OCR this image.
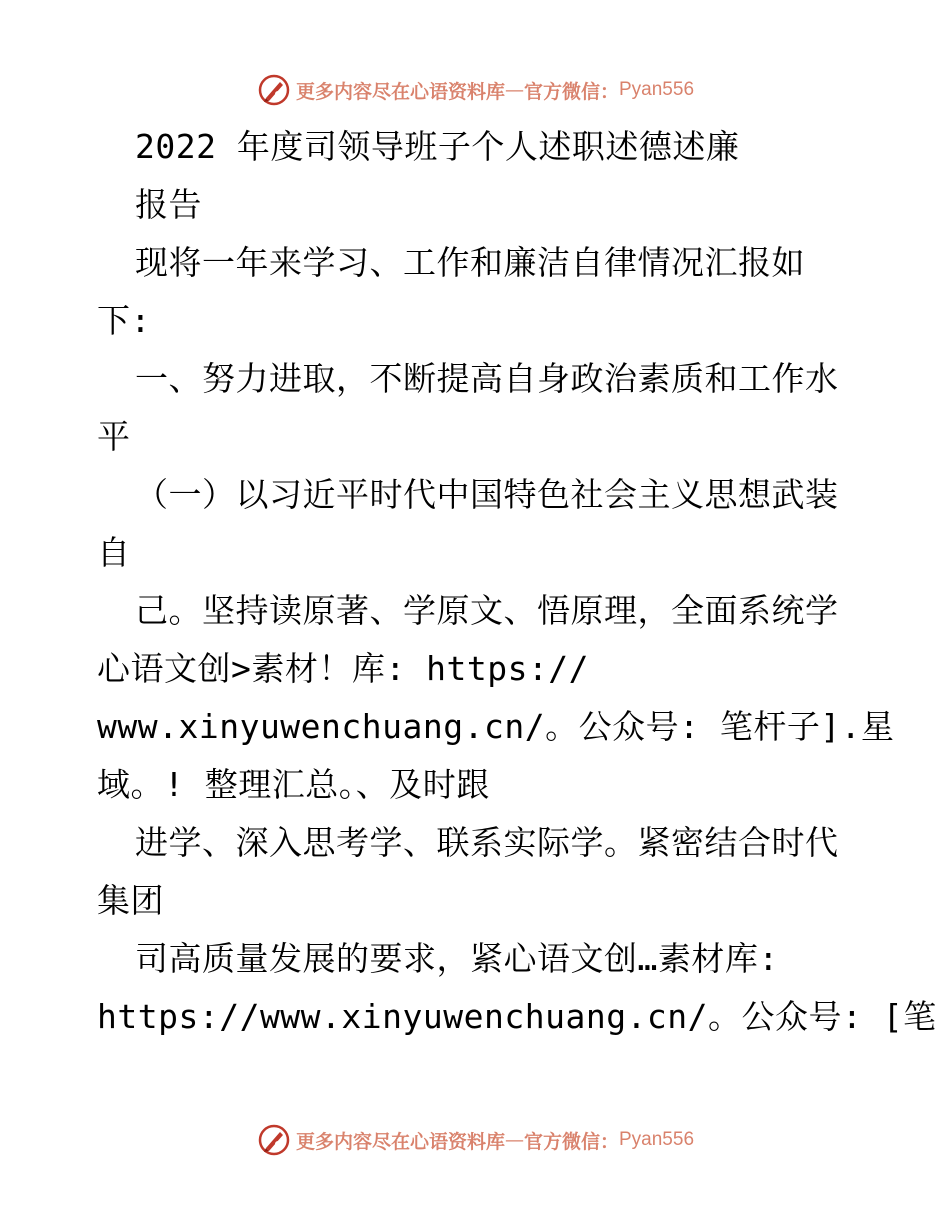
更多内容尽在心语资料库 — 官方微信： Pyan556
2022 年度司领导班子个人述职述德述廉
报告
现将一年来学习、工作和廉洁自律情况汇报如
下:
一、努力进取，不断提高自身政治素质和工作水
平
（一）以习近平时代中国特色社会主义思想武装
自
己。坚持读原著、学原文、悟原理，全面系统学
心语文创>素材！库: https://
www.xinyuwenchuang.cn/。公众号: 笔杆子].星
域。! 整理汇总。、及时跟
进学、深入思考学、联系实际学。紧密结合时代
集团
司高质量发展的要求，紧心语文创…素材库:
https://www.xinyuwenchuang.cn/。公众号: [笔
更多内容尽在心语资料库 — 官方微信： Pyan556
